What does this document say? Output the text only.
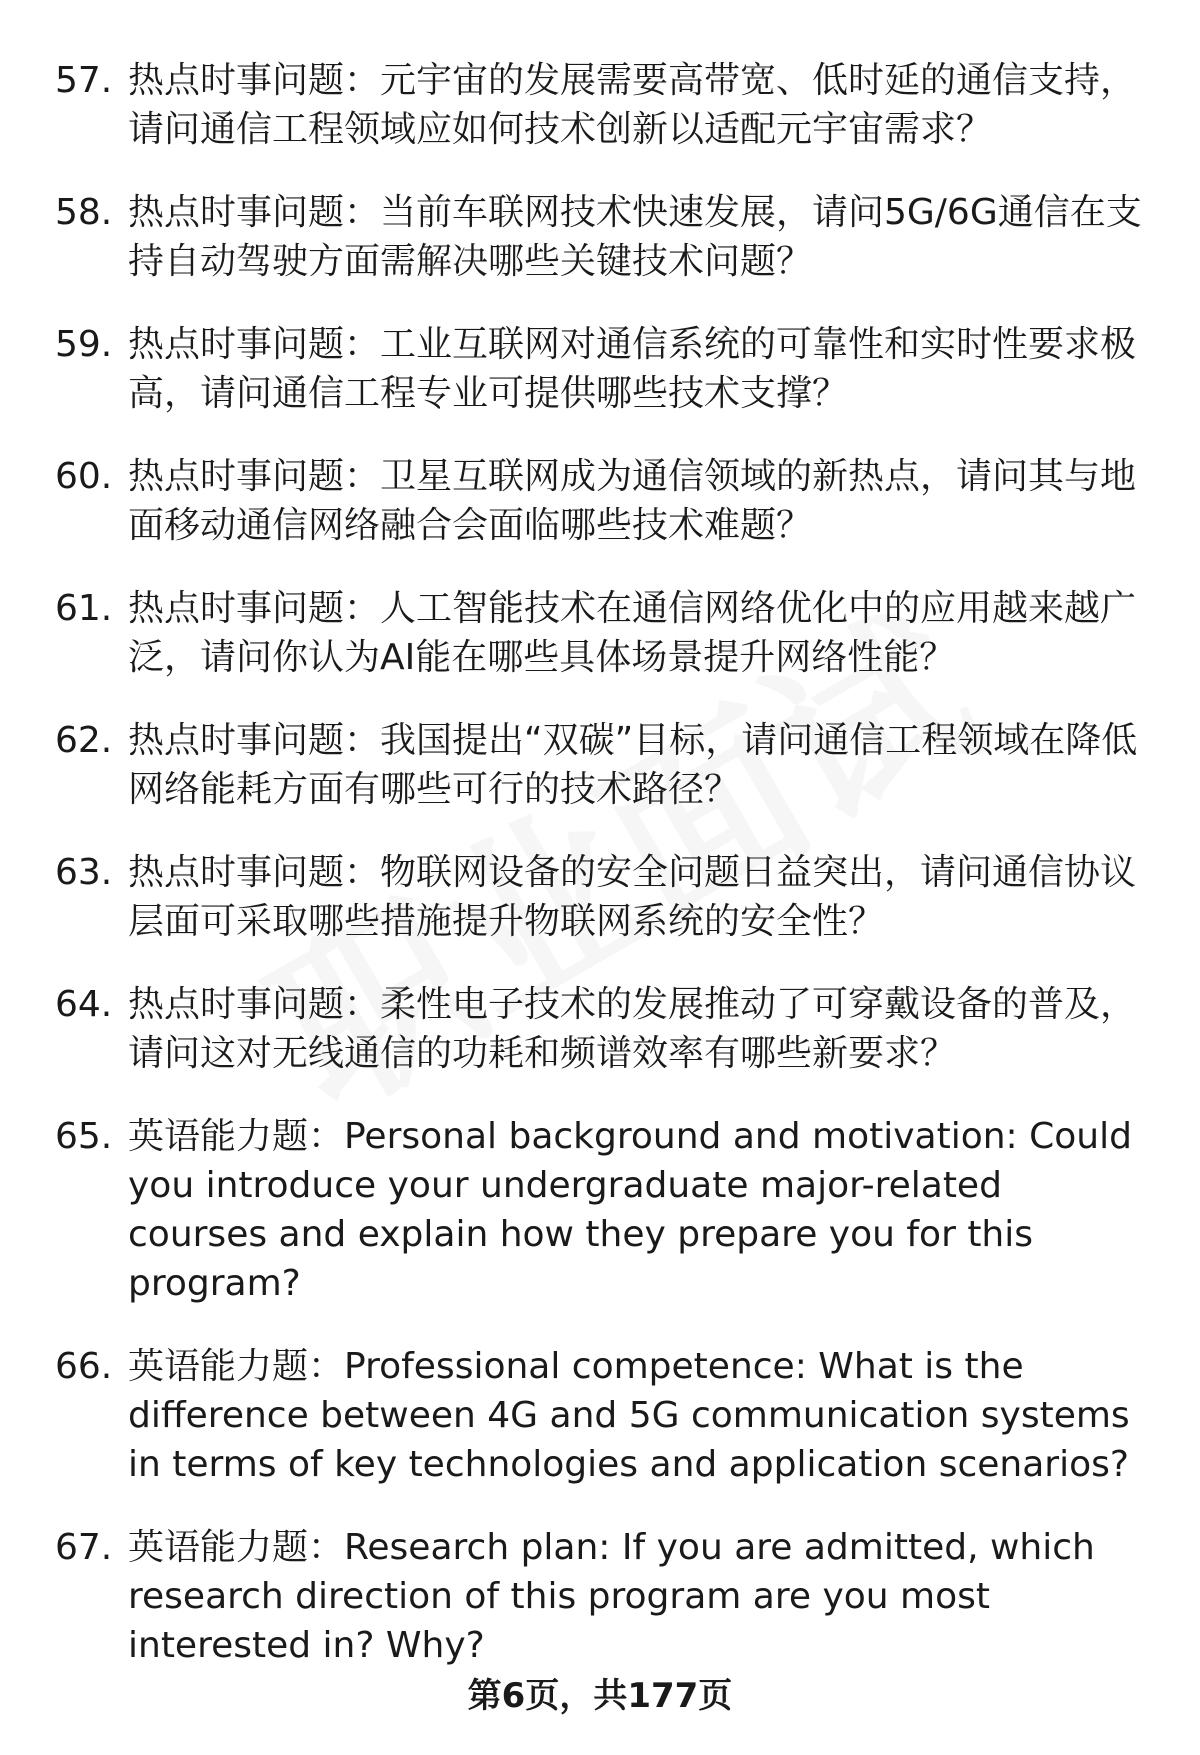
57. 热点时事问题：元宇宙的发展需要高带宽、低时延的通信支持，请问通信工程领域应如何技术创新以适配元宇宙需求？
58. 热点时事问题：当前车联网技术快速发展，请问5G/6G通信在支持自动驾驶方面需解决哪些关键技术问题？
59. 热点时事问题：工业互联网对通信系统的可靠性和实时性要求极高，请问通信工程专业可提供哪些技术支撑？
60. 热点时事问题：卫星互联网成为通信领域的新热点，请问其与地面移动通信网络融合会面临哪些技术难题？
61. 热点时事问题：人工智能技术在通信网络优化中的应用越来越广泛，请问你认为AI能在哪些具体场景提升网络性能？
62. 热点时事问题：我国提出“双碳”目标，请问通信工程领域在降低网络能耗方面有哪些可行的技术路径？
63. 热点时事问题：物联网设备的安全问题日益突出，请问通信协议层面可采取哪些措施提升物联网系统的安全性？
64. 热点时事问题：柔性电子技术的发展推动了可穿戴设备的普及，请问这对无线通信的功耗和频谱效率有哪些新要求？
65. 英语能力题：Personal background and motivation: Could you introduce your undergraduate major-related courses and explain how they prepare you for this program?
66. 英语能力题：Professional competence: What is the difference between 4G and 5G communication systems in terms of key technologies and application scenarios?
67. 英语能力题：Research plan: If you are admitted, which research direction of this program are you most interested in? Why?
第6页，共177页
